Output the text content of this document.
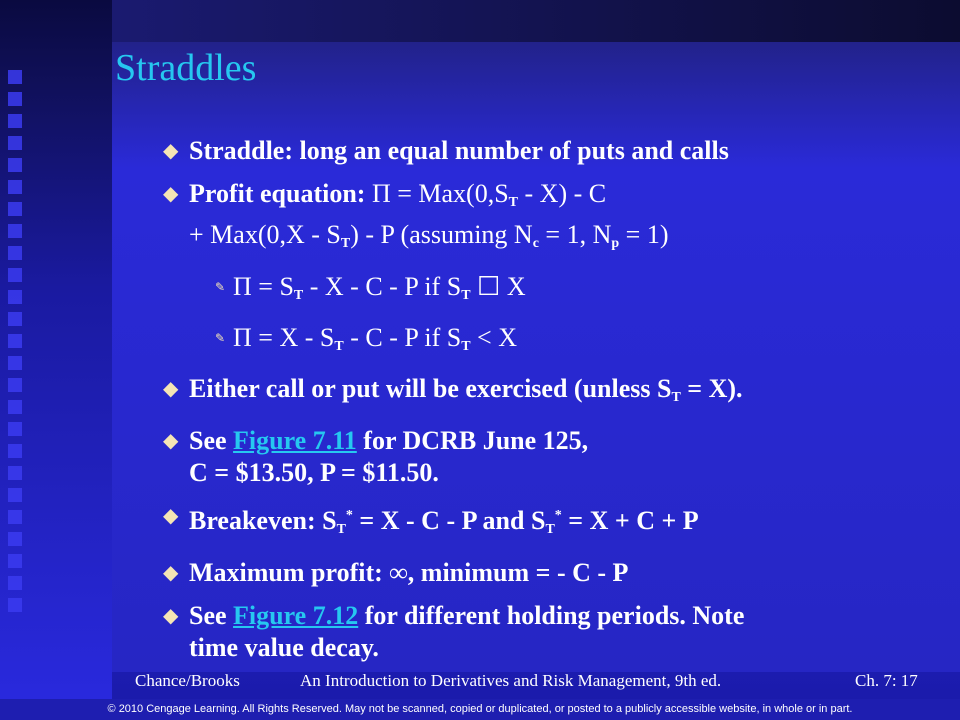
Straddles
◆ Straddle: long an equal number of puts and calls
◆ Profit equation: $\Pi = Max(0,S_T - X) - C$
+ $Max(0,X - S_T)$ - P (assuming $N_c = 1$, $N_p = 1$)
✎ $\Pi = S_T - X - C - P$ if $S_T$ ☐ X
✎ $\Pi = X - S_T - C - P$ if $S_T < X$
◆ Either call or put will be exercised (unless $S_T = X$).
◆ See Figure 7.11 for DCRB June 125,
C = $13.50, P = $11.50.
◆ Breakeven: $S_T^* = X - C - P$ and $S_T^* = X + C + P$
◆ Maximum profit: ∞, minimum = - C - P
◆ See Figure 7.12 for different holding periods. Note
time value decay.
Chance/Brooks	An Introduction to Derivatives and Risk Management, 9th ed.	Ch. 7: 17
© 2010 Cengage Learning. All Rights Reserved. May not be scanned, copied or duplicated, or posted to a publicly accessible website, in whole or in part.
